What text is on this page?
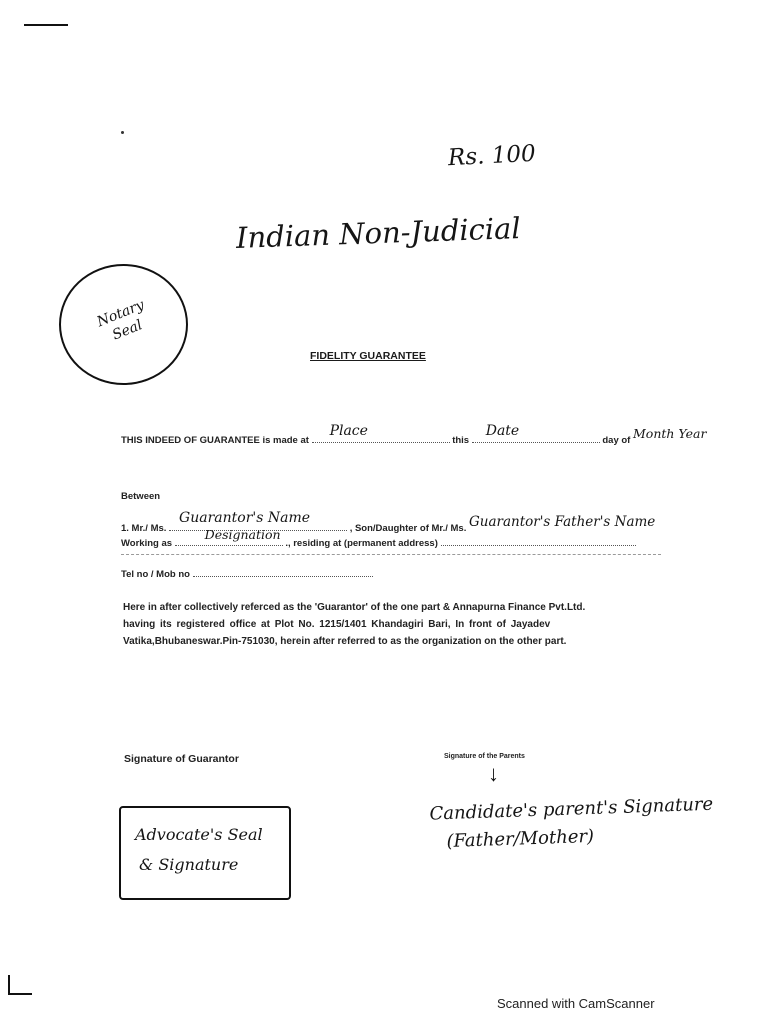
Rs. 100
Indian Non-Judicial
Notary Seal
FIDELITY GUARANTEE
THIS INDEED OF GUARANTEE is made at
Place
this
Date
day of Month Year
Between
1. Mr./ Ms.
Guarantor's Name
, Son/Daughter of Mr./ Ms. Guarantor's Father's Name
Working as
Designation
., residing at (permanent address)
Tel no / Mob no
Here in after collectively referced as the 'Guarantor' of the one part & Annapurna Finance Pvt.Ltd.
having its registered office at Plot No. 1215/1401 Khandagiri Bari, In front of Jayadev
Vatika,Bhubaneswar.Pin-751030, herein after referred to as the organization on the other part.
Signature of Guarantor	Signature of the Parents
↓
Candidate's parent's Signature
(Father/Mother)
Advocate's Seal
& Signature
Scanned with CamScanner
